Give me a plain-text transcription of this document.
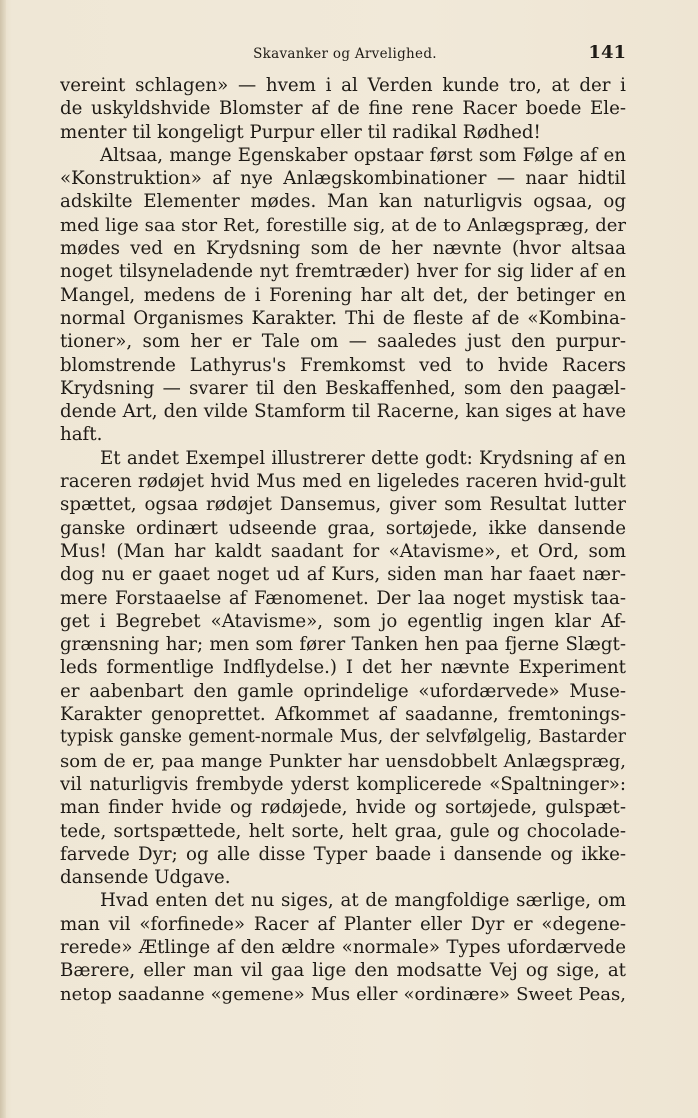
Skavanker og Arvelighed.	141
vereint schlagen» — hvem i al Verden kunde tro, at der i
de uskyldshvide Blomster af de fine rene Racer boede Ele-
menter til kongeligt Purpur eller til radikal Rødhed!
Altsaa, mange Egenskaber opstaar først som Følge af en
«Konstruktion» af nye Anlægskombinationer — naar hidtil
adskilte Elementer mødes. Man kan naturligvis ogsaa, og
med lige saa stor Ret, forestille sig, at de to Anlægspræg, der
mødes ved en Krydsning som de her nævnte (hvor altsaa
noget tilsyneladende nyt fremtræder) hver for sig lider af en
Mangel, medens de i Forening har alt det, der betinger en
normal Organismes Karakter. Thi de fleste af de «Kombina-
tioner», som her er Tale om — saaledes just den purpur-
blomstrende Lathyrus's Fremkomst ved to hvide Racers
Krydsning — svarer til den Beskaffenhed, som den paagæl-
dende Art, den vilde Stamform til Racerne, kan siges at have
haft.
Et andet Exempel illustrerer dette godt: Krydsning af en
raceren rødøjet hvid Mus med en ligeledes raceren hvid-gult
spættet, ogsaa rødøjet Dansemus, giver som Resultat lutter
ganske ordinært udseende graa, sortøjede, ikke dansende
Mus! (Man har kaldt saadant for «Atavisme», et Ord, som
dog nu er gaaet noget ud af Kurs, siden man har faaet nær-
mere Forstaaelse af Fænomenet. Der laa noget mystisk taa-
get i Begrebet «Atavisme», som jo egentlig ingen klar Af-
grænsning har; men som fører Tanken hen paa fjerne Slægt-
leds formentlige Indflydelse.) I det her nævnte Experiment
er aabenbart den gamle oprindelige «ufordærvede» Muse-
Karakter genoprettet. Afkommet af saadanne, fremtonings-
typisk ganske gement-normale Mus, der selvfølgelig, Bastarder
som de er, paa mange Punkter har uensdobbelt Anlægspræg,
vil naturligvis frembyde yderst komplicerede «Spaltninger»:
man finder hvide og rødøjede, hvide og sortøjede, gulspæt-
tede, sortspættede, helt sorte, helt graa, gule og chocolade-
farvede Dyr; og alle disse Typer baade i dansende og ikke-
dansende Udgave.
Hvad enten det nu siges, at de mangfoldige særlige, om
man vil «forfinede» Racer af Planter eller Dyr er «degene-
rerede» Ætlinge af den ældre «normale» Types ufordærvede
Bærere, eller man vil gaa lige den modsatte Vej og sige, at
netop saadanne «gemene» Mus eller «ordinære» Sweet Peas,
